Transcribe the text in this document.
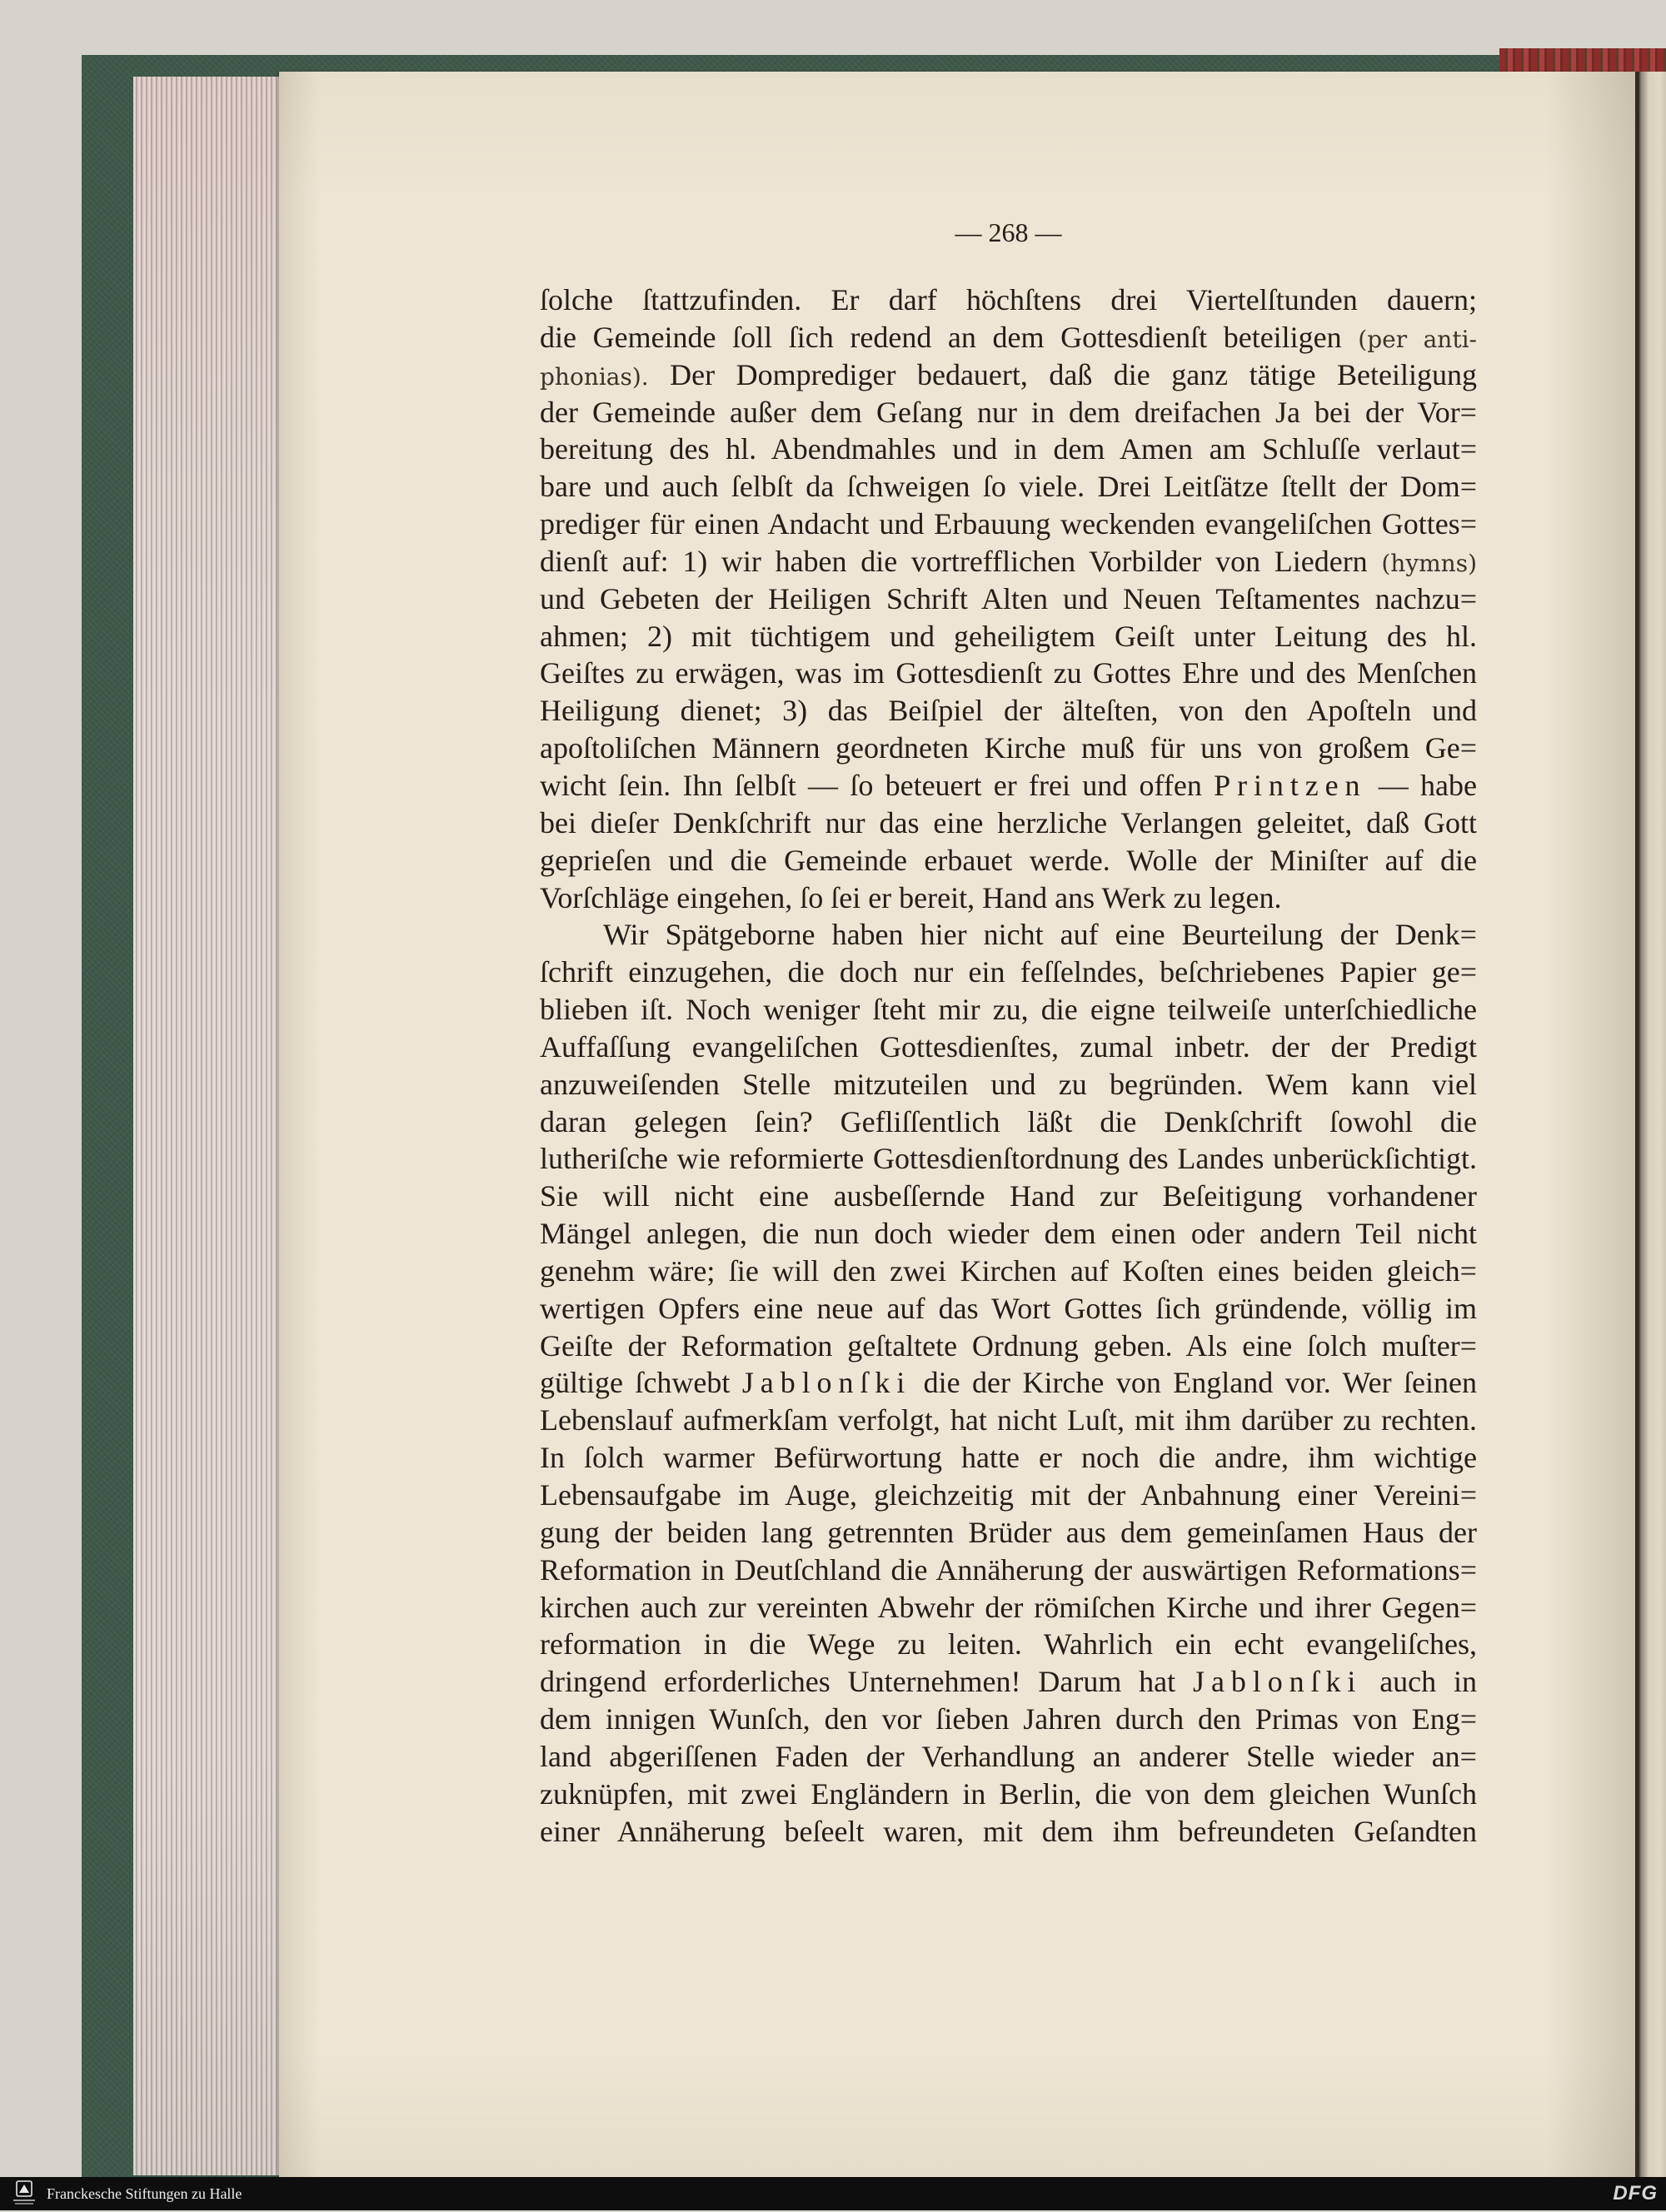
— 268 —
ſolche ſtattzufinden. Er darf höchſtens drei Viertelſtunden dauern;
die Gemeinde ſoll ſich redend an dem Gottesdienſt beteiligen (per anti-
phonias). Der Domprediger bedauert, daß die ganz tätige Beteiligung
der Gemeinde außer dem Geſang nur in dem dreifachen Ja bei der Vor=
bereitung des hl. Abendmahles und in dem Amen am Schluſſe verlaut=
bare und auch ſelbſt da ſchweigen ſo viele. Drei Leitſätze ſtellt der Dom=
prediger für einen Andacht und Erbauung weckenden evangeliſchen Gottes=
dienſt auf: 1) wir haben die vortrefflichen Vorbilder von Liedern (hymns)
und Gebeten der Heiligen Schrift Alten und Neuen Teſtamentes nachzu=
ahmen; 2) mit tüchtigem und geheiligtem Geiſt unter Leitung des hl.
Geiſtes zu erwägen, was im Gottesdienſt zu Gottes Ehre und des Menſchen
Heiligung dienet; 3) das Beiſpiel der älteſten, von den Apoſteln und
apoſtoliſchen Männern geordneten Kirche muß für uns von großem Ge=
wicht ſein. Ihn ſelbſt — ſo beteuert er frei und offen Printzen — habe
bei dieſer Denkſchrift nur das eine herzliche Verlangen geleitet, daß Gott
geprieſen und die Gemeinde erbauet werde. Wolle der Miniſter auf die
Vorſchläge eingehen, ſo ſei er bereit, Hand ans Werk zu legen.
Wir Spätgeborne haben hier nicht auf eine Beurteilung der Denk=
ſchrift einzugehen, die doch nur ein feſſelndes, beſchriebenes Papier ge=
blieben iſt. Noch weniger ſteht mir zu, die eigne teilweiſe unterſchiedliche
Auffaſſung evangeliſchen Gottesdienſtes, zumal inbetr. der der Predigt
anzuweiſenden Stelle mitzuteilen und zu begründen. Wem kann viel
daran gelegen ſein? Gefliſſentlich läßt die Denkſchrift ſowohl die
lutheriſche wie reformierte Gottesdienſtordnung des Landes unberückſichtigt.
Sie will nicht eine ausbeſſernde Hand zur Beſeitigung vorhandener
Mängel anlegen, die nun doch wieder dem einen oder andern Teil nicht
genehm wäre; ſie will den zwei Kirchen auf Koſten eines beiden gleich=
wertigen Opfers eine neue auf das Wort Gottes ſich gründende, völlig im
Geiſte der Reformation geſtaltete Ordnung geben. Als eine ſolch muſter=
gültige ſchwebt Jablonſki die der Kirche von England vor. Wer ſeinen
Lebenslauf aufmerkſam verfolgt, hat nicht Luſt, mit ihm darüber zu rechten.
In ſolch warmer Befürwortung hatte er noch die andre, ihm wichtige
Lebensaufgabe im Auge, gleichzeitig mit der Anbahnung einer Vereini=
gung der beiden lang getrennten Brüder aus dem gemeinſamen Haus der
Reformation in Deutſchland die Annäherung der auswärtigen Reformations=
kirchen auch zur vereinten Abwehr der römiſchen Kirche und ihrer Gegen=
reformation in die Wege zu leiten. Wahrlich ein echt evangeliſches,
dringend erforderliches Unternehmen! Darum hat Jablonſki auch in
dem innigen Wunſch, den vor ſieben Jahren durch den Primas von Eng=
land abgeriſſenen Faden der Verhandlung an anderer Stelle wieder an=
zuknüpfen, mit zwei Engländern in Berlin, die von dem gleichen Wunſch
einer Annäherung beſeelt waren, mit dem ihm befreundeten Geſandten
Franckesche Stiftungen zu Halle	DFG
